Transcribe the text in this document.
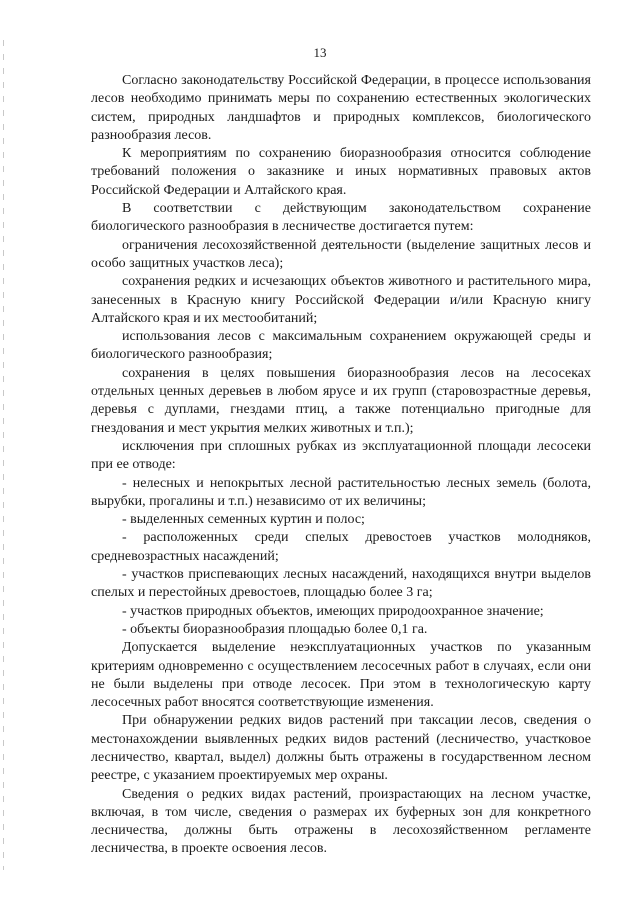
13

Согласно законодательству Российской Федерации, в процессе использования лесов необходимо принимать меры по сохранению естественных экологических систем, природных ландшафтов и природных комплексов, биологического разнообразия лесов.

К мероприятиям по сохранению биоразнообразия относится соблюдение требований положения о заказнике и иных нормативных правовых актов Российской Федерации и Алтайского края.

В соответствии с действующим законодательством сохранение биологического разнообразия в лесничестве достигается путем:

ограничения лесохозяйственной деятельности (выделение защитных лесов и особо защитных участков леса);

сохранения редких и исчезающих объектов животного и растительного мира, занесенных в Красную книгу Российской Федерации и/или Красную книгу Алтайского края и их местообитаний;

использования лесов с максимальным сохранением окружающей среды и биологического разнообразия;

сохранения в целях повышения биоразнообразия лесов на лесосеках отдельных ценных деревьев в любом ярусе и их групп (старовозрастные деревья, деревья с дуплами, гнездами птиц, а также потенциально пригодные для гнездования и мест укрытия мелких животных и т.п.);

исключения при сплошных рубках из эксплуатационной площади лесосеки при ее отводе:

- нелесных и непокрытых лесной растительностью лесных земель (болота, вырубки, прогалины и т.п.) независимо от их величины;

- выделенных семенных куртин и полос;

- расположенных среди спелых древостоев участков молодняков, средневозрастных насаждений;

- участков приспевающих лесных насаждений, находящихся внутри выделов спелых и перестойных древостоев, площадью более 3 га;

- участков природных объектов, имеющих природоохранное значение;

- объекты биоразнообразия площадью более 0,1 га.

Допускается выделение неэксплуатационных участков по указанным критериям одновременно с осуществлением лесосечных работ в случаях, если они не были выделены при отводе лесосек. При этом в технологическую карту лесосечных работ вносятся соответствующие изменения.

При обнаружении редких видов растений при таксации лесов, сведения о местонахождении выявленных редких видов растений (лесничество, участковое лесничество, квартал, выдел) должны быть отражены в государственном лесном реестре, с указанием проектируемых мер охраны.

Сведения о редких видах растений, произрастающих на лесном участке, включая, в том числе, сведения о размерах их буферных зон для конкретного лесничества, должны быть отражены в лесохозяйственном регламенте лесничества, в проекте освоения лесов.
